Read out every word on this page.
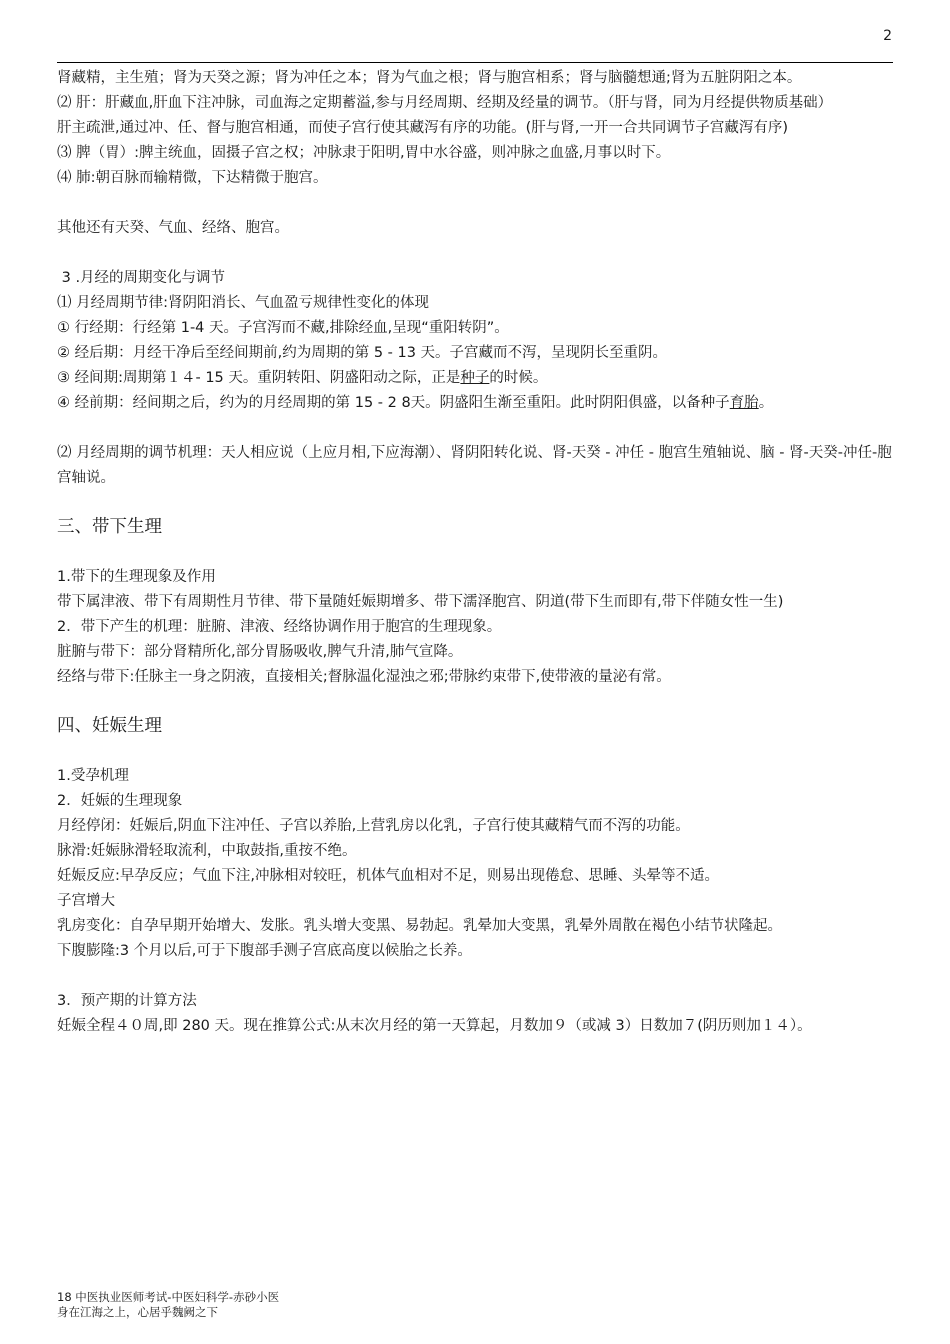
2

肾藏精，主生殖；肾为天癸之源；肾为冲任之本；肾为气血之根；肾与胞宫相系；肾与脑髓想通;肾为五脏阴阳之本。

⑵ 肝：肝藏血,肝血下注冲脉，司血海之定期蓄溢,参与月经周期、经期及经量的调节。（肝与肾，同为月经提供物质基础）

肝主疏泄,通过冲、任、督与胞宫相通，而使子宫行使其藏泻有序的功能。(肝与肾,一开一合共同调节子宫藏泻有序)

⑶ 脾（胃）:脾主统血，固摄子宫之权；冲脉隶于阳明,胃中水谷盛，则冲脉之血盛,月事以时下。

⑷ 肺:朝百脉而输精微，下达精微于胞宫。

其他还有天癸、气血、经络、胞宫。

3 .月经的周期变化与调节

⑴ 月经周期节律:肾阴阳消长、气血盈亏规律性变化的体现

① 行经期：行经第 1-4 天。子宫泻而不藏,排除经血,呈现“重阳转阴”。

② 经后期：月经干净后至经间期前,约为周期的第 5 - 13 天。子宫藏而不泻，呈现阴长至重阴。

③ 经间期:周期第１４- 15 天。重阴转阳、阴盛阳动之际，正是种子的时候。

④ 经前期：经间期之后，约为的月经周期的第 15 - 2 8天。阴盛阳生渐至重阳。此时阴阳俱盛，以备种子育胎。

⑵ 月经周期的调节机理：天人相应说（上应月相,下应海潮）、肾阴阳转化说、肾-天癸 - 冲任 - 胞宫生殖轴说、脑 - 肾-天癸-冲任-胞宫轴说。

三、带下生理

1.带下的生理现象及作用

带下属津液、带下有周期性月节律、带下量随妊娠期增多、带下濡泽胞宫、阴道(带下生而即有,带下伴随女性一生)

2．带下产生的机理：脏腑、津液、经络协调作用于胞宫的生理现象。

脏腑与带下：部分肾精所化,部分胃肠吸收,脾气升清,肺气宣降。

经络与带下:任脉主一身之阴液，直接相关;督脉温化湿浊之邪;带脉约束带下,使带液的量泌有常。

四、妊娠生理

1.受孕机理

2．妊娠的生理现象

月经停闭：妊娠后,阴血下注冲任、子宫以养胎,上营乳房以化乳，子宫行使其藏精气而不泻的功能。

脉滑:妊娠脉滑轻取流利，中取鼓指,重按不绝。

妊娠反应:早孕反应；气血下注,冲脉相对较旺，机体气血相对不足，则易出现倦怠、思睡、头晕等不适。

子宫增大

乳房变化：自孕早期开始增大、发胀。乳头增大变黑、易勃起。乳晕加大变黑，乳晕外周散在褐色小结节状隆起。

下腹膨隆:3 个月以后,可于下腹部手测子宫底高度以候胎之长养。

3．预产期的计算方法

妊娠全程４０周,即 280 天。现在推算公式:从末次月经的第一天算起，月数加９（或减 3）日数加７(阴历则加１４）。

18 中医执业医师考试-中医妇科学-赤砂小医
身在江海之上，心居乎魏阙之下
